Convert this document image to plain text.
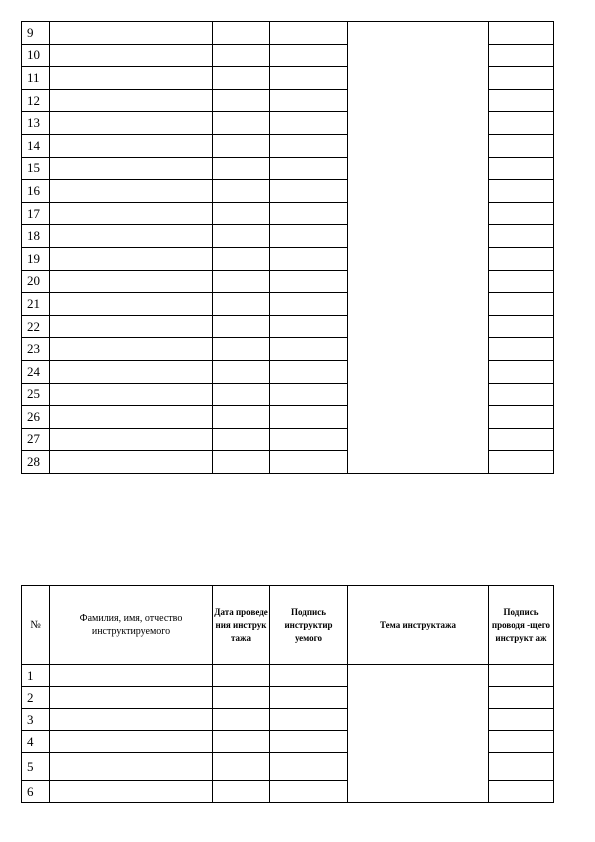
9					
10					
11					
12					
13					
14					
15					
16					
17					
18					
19					
20					
21					
22					
23					
24					
25					
26					
27					
28					
№	Фамилия, имя, отчество инструктируемого	Дата проведе ния инструк тажа	Подпись инструктир уемого	Тема инструктажа	Подпись проводя -щего инструкт аж
1					
2					
3					
4					
5					
6					
